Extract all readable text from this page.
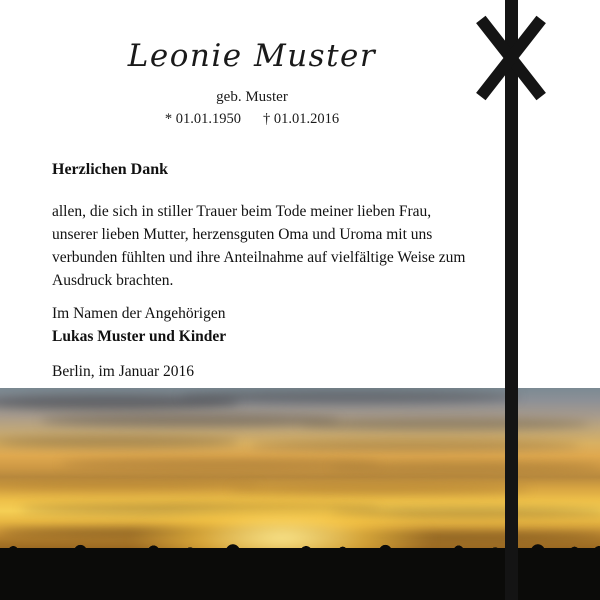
Leonie Muster
geb. Muster
* 01.01.1950 † 01.01.2016
Herzlichen Dank
allen, die sich in stiller Trauer beim Tode meiner lieben Frau, unserer lieben Mutter, herzensguten Oma und Uroma mit uns verbunden fühlten und ihre Anteilnahme auf vielfältige Weise zum Ausdruck brachten.
Im Namen der Angehörigen
Lukas Muster und Kinder
Berlin, im Januar 2016
